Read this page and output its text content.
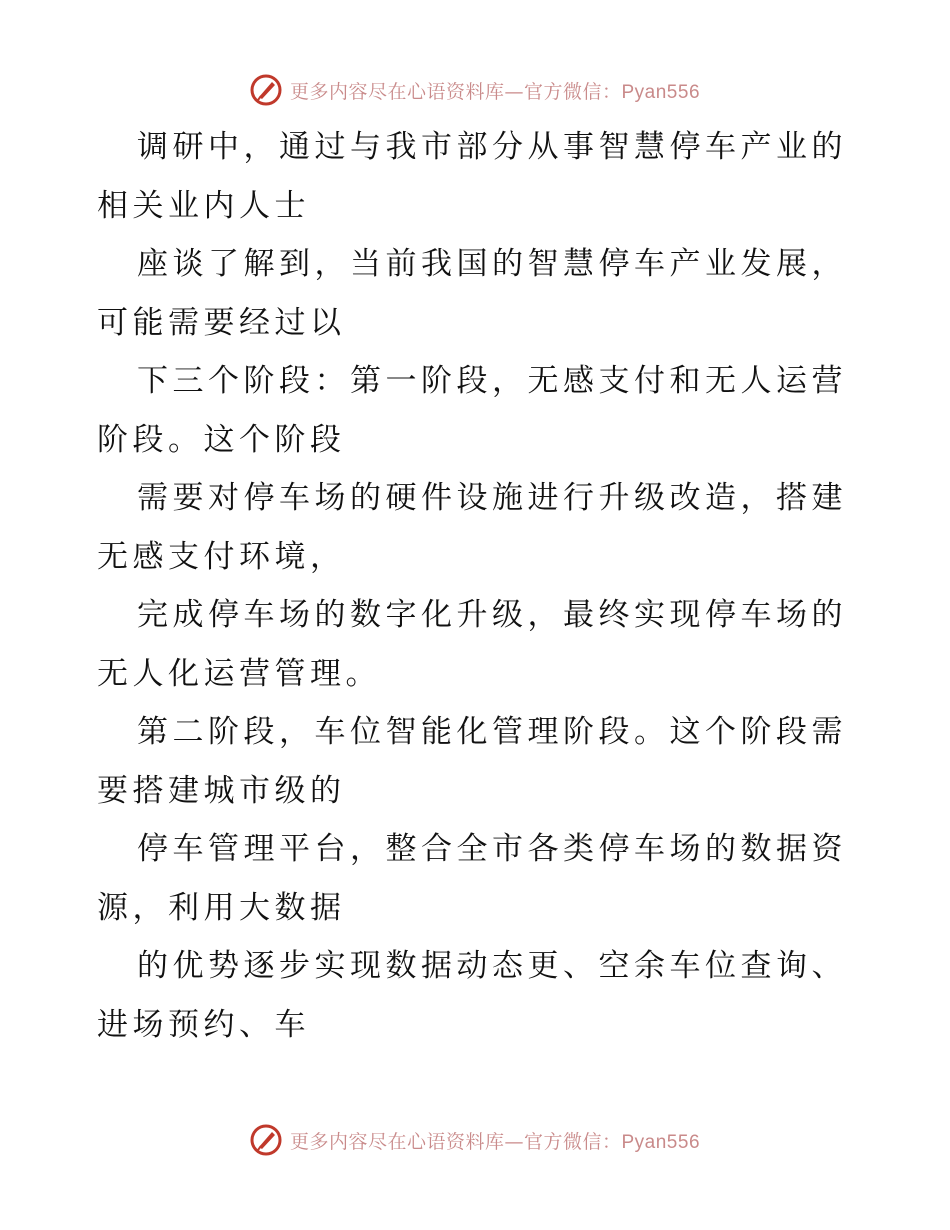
更多内容尽在心语资料库—官方微信：Pyan556

调研中，通过与我市部分从事智慧停车产业的相关业内人士

座谈了解到，当前我国的智慧停车产业发展，可能需要经过以

下三个阶段：第一阶段，无感支付和无人运营阶段。这个阶段

需要对停车场的硬件设施进行升级改造，搭建无感支付环境，

完成停车场的数字化升级，最终实现停车场的无人化运营管理。

第二阶段，车位智能化管理阶段。这个阶段需要搭建城市级的

停车管理平台，整合全市各类停车场的数据资源，利用大数据

的优势逐步实现数据动态更、空余车位查询、进场预约、车

更多内容尽在心语资料库—官方微信：Pyan556
